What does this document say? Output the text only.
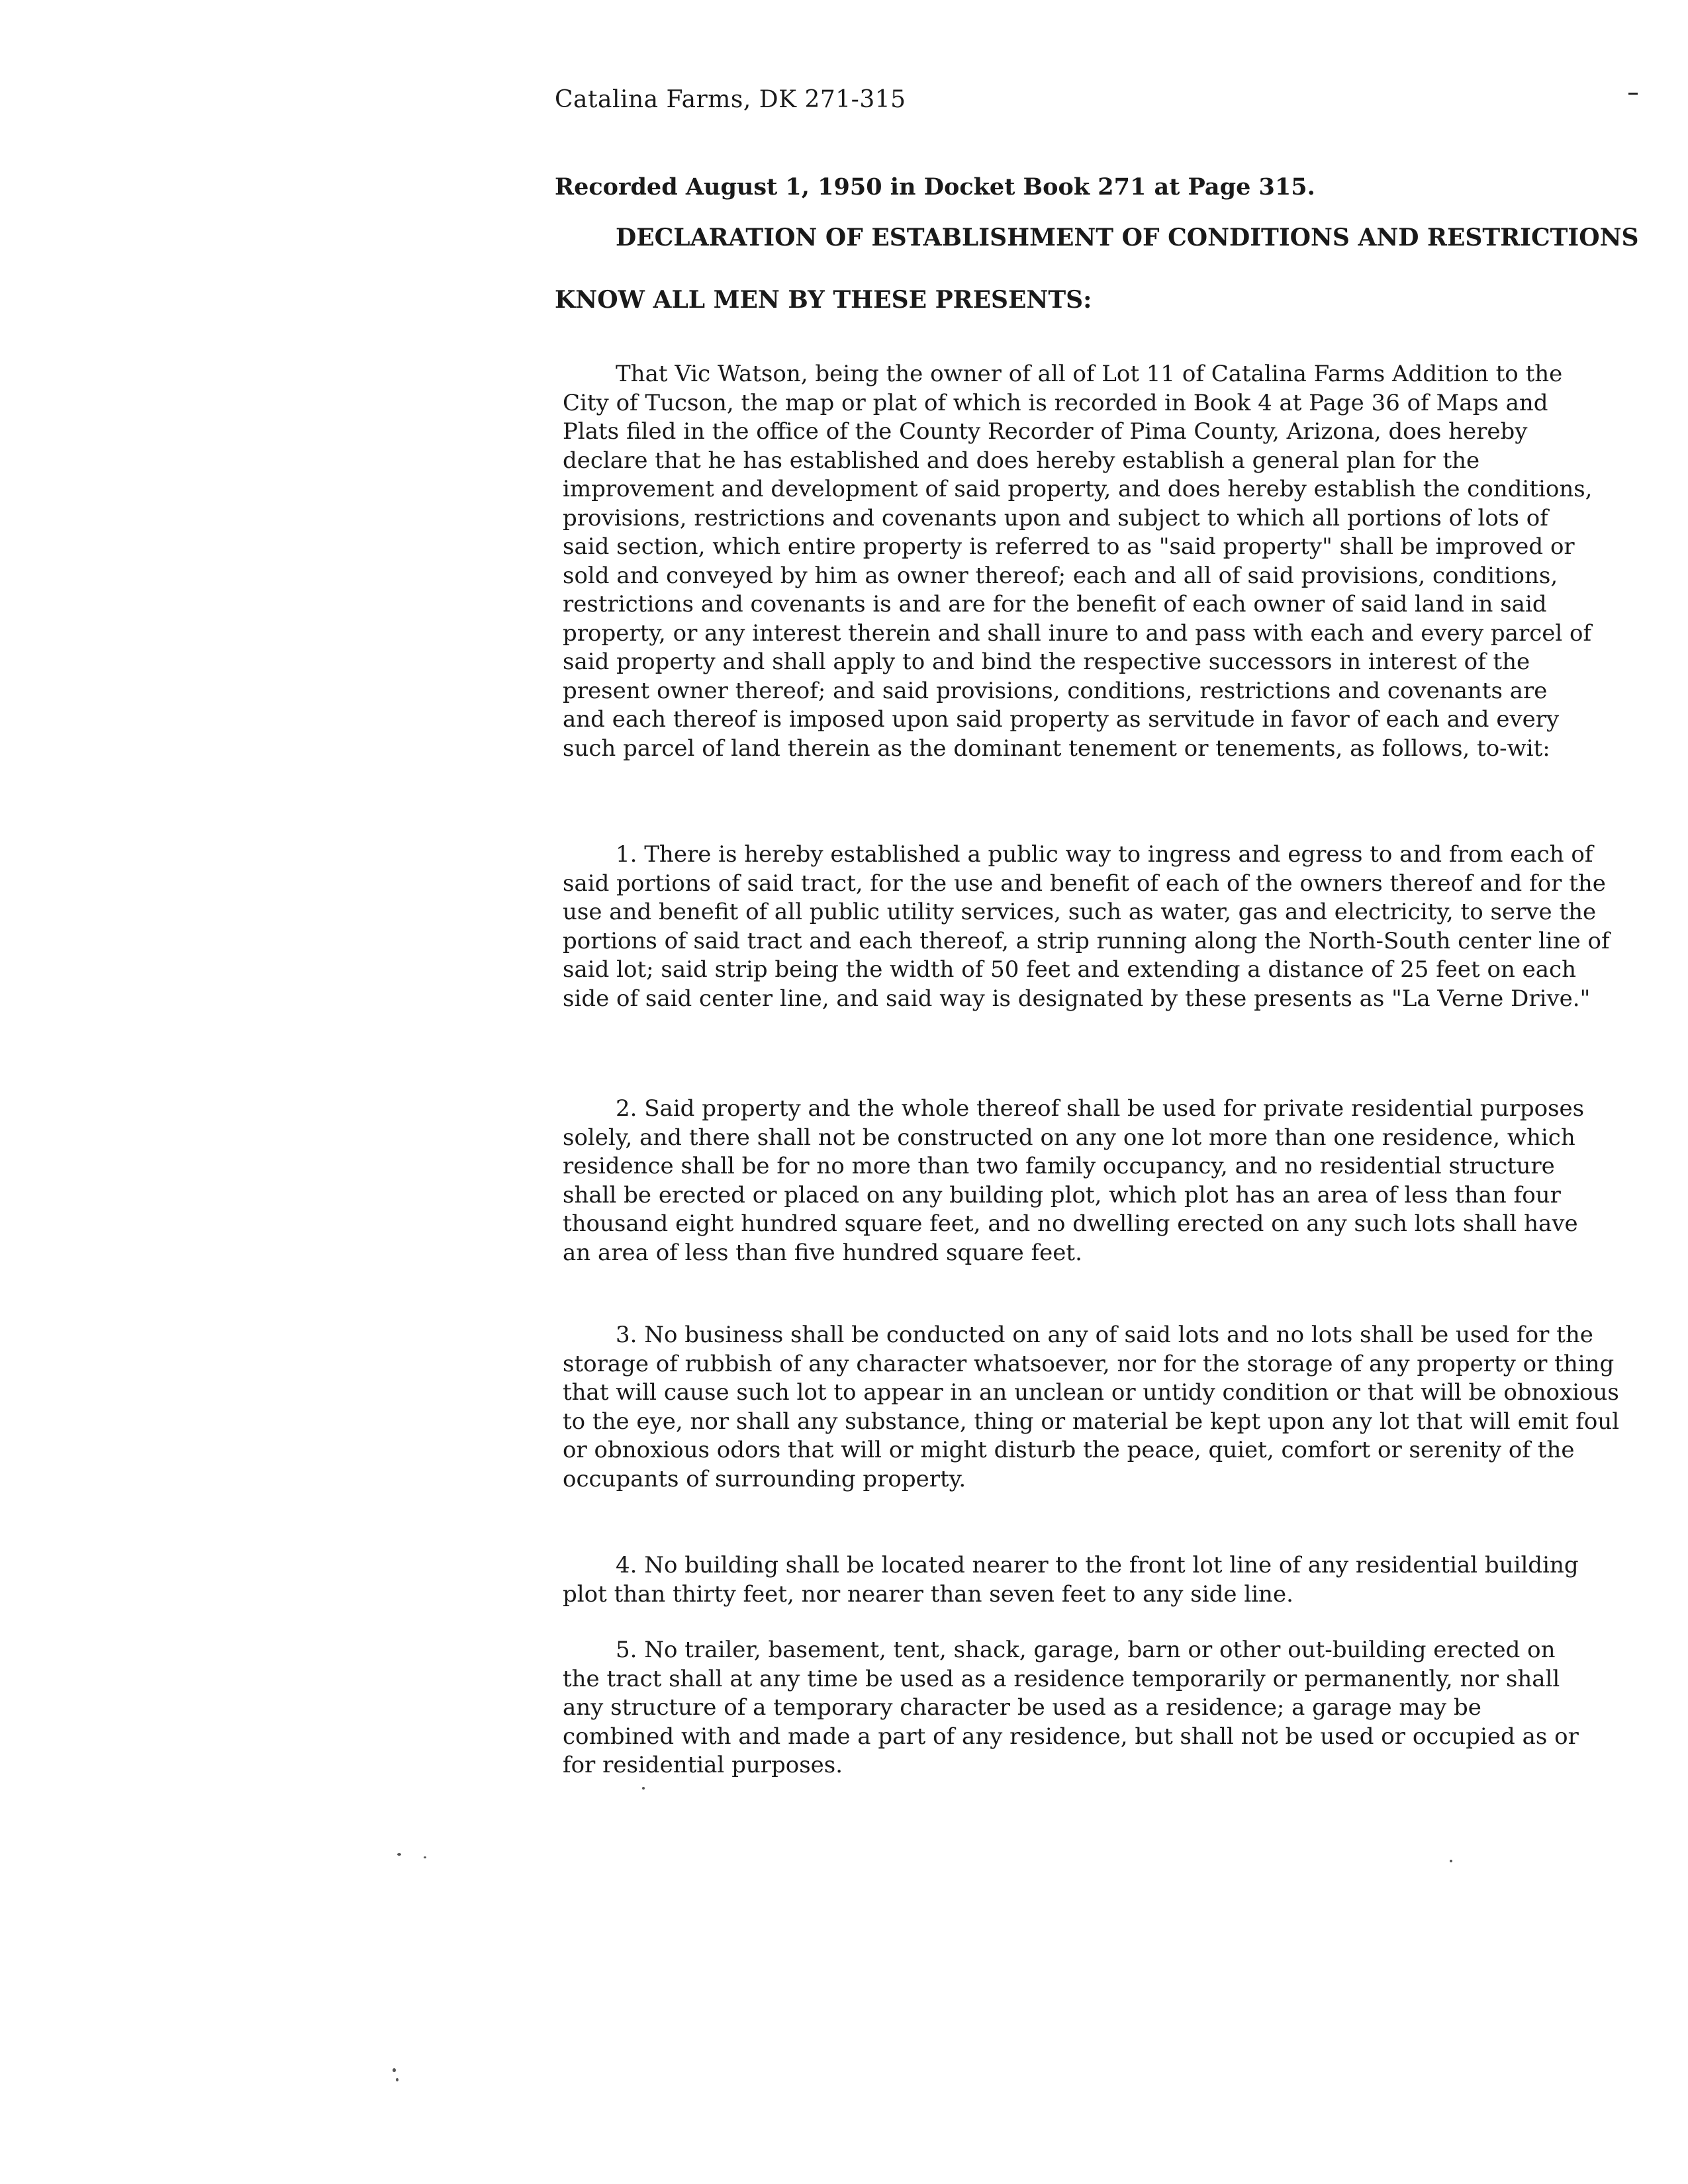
Catalina Farms, DK 271-315
Recorded August 1, 1950 in Docket Book 271 at Page 315.
DECLARATION OF ESTABLISHMENT OF CONDITIONS AND RESTRICTIONS
KNOW ALL MEN BY THESE PRESENTS:

That Vic Watson, being the owner of all of Lot 11 of Catalina Farms Addition to the City of Tucson, the map or plat of which is recorded in Book 4 at Page 36 of Maps and Plats filed in the office of the County Recorder of Pima County, Arizona, does hereby declare that he has established and does hereby establish a general plan for the improvement and development of said property, and does hereby establish the conditions, provisions, restrictions and covenants upon and subject to which all portions of lots of said section, which entire property is referred to as "said property" shall be improved or sold and conveyed by him as owner thereof; each and all of said provisions, conditions, restrictions and covenants is and are for the benefit of each owner of said land in said property, or any interest therein and shall inure to and pass with each and every parcel of said property and shall apply to and bind the respective successors in interest of the present owner thereof; and said provisions, conditions, restrictions and covenants are and each thereof is imposed upon said property as servitude in favor of each and every such parcel of land therein as the dominant tenement or tenements, as follows, to-wit:

1. There is hereby established a public way to ingress and egress to and from each of said portions of said tract, for the use and benefit of each of the owners thereof and for the use and benefit of all public utility services, such as water, gas and electricity, to serve the portions of said tract and each thereof, a strip running along the North-South center line of said lot; said strip being the width of 50 feet and extending a distance of 25 feet on each side of said center line, and said way is designated by these presents as "La Verne Drive."

2. Said property and the whole thereof shall be used for private residential purposes solely, and there shall not be constructed on any one lot more than one residence, which residence shall be for no more than two family occupancy, and no residential structure shall be erected or placed on any building plot, which plot has an area of less than four thousand eight hundred square feet, and no dwelling erected on any such lots shall have an area of less than five hundred square feet.

3. No business shall be conducted on any of said lots and no lots shall be used for the storage of rubbish of any character whatsoever, nor for the storage of any property or thing that will cause such lot to appear in an unclean or untidy condition or that will be obnoxious to the eye, nor shall any substance, thing or material be kept upon any lot that will emit foul or obnoxious odors that will or might disturb the peace, quiet, comfort or serenity of the occupants of surrounding property.

4. No building shall be located nearer to the front lot line of any residential building plot than thirty feet, nor nearer than seven feet to any side line.

5. No trailer, basement, tent, shack, garage, barn or other out-building erected on the tract shall at any time be used as a residence temporarily or permanently, nor shall any structure of a temporary character be used as a residence; a garage may be combined with and made a part of any residence, but shall not be used or occupied as or for residential purposes.
